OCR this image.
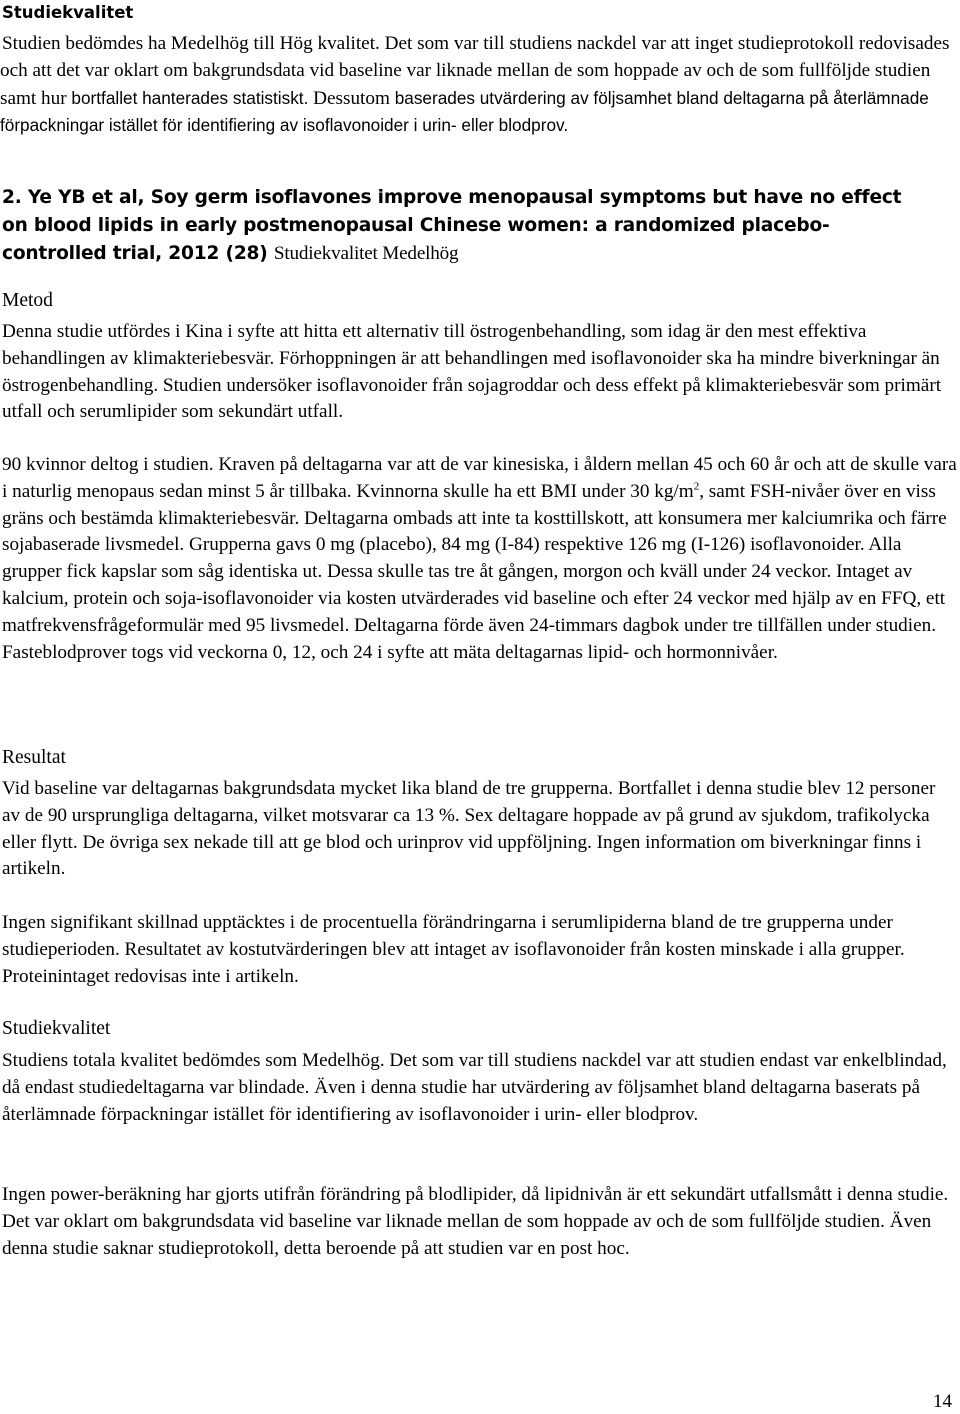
Studiekvalitet

Studien bedömdes ha Medelhög till Hög kvalitet. Det som var till studiens nackdel var att inget studieprotokoll redovisades och att det var oklart om bakgrundsdata vid baseline var liknade mellan de som hoppade av och de som fullföljde studien samt hur bortfallet hanterades statistiskt. Dessutom baserades utvärdering av följsamhet bland deltagarna på återlämnade förpackningar istället för identifiering av isoflavonoider i urin- eller blodprov.

2. Ye YB et al, Soy germ isoflavones improve menopausal symptoms but have no effect on blood lipids in early postmenopausal Chinese women: a randomized placebo-controlled trial, 2012 (28) Studiekvalitet Medelhög
Metod

Denna studie utfördes i Kina i syfte att hitta ett alternativ till östrogenbehandling, som idag är den mest effektiva behandlingen av klimakteriebesvär. Förhoppningen är att behandlingen med isoflavonoider ska ha mindre biverkningar än östrogenbehandling. Studien undersöker isoflavonoider från sojagroddar och dess effekt på klimakteriebesvär som primärt utfall och serumlipider som sekundärt utfall.

90 kvinnor deltog i studien. Kraven på deltagarna var att de var kinesiska, i åldern mellan 45 och 60 år och att de skulle vara i naturlig menopaus sedan minst 5 år tillbaka. Kvinnorna skulle ha ett BMI under 30 $kg/m^2$, samt FSH-nivåer över en viss gräns och bestämda klimakteriebesvär. Deltagarna ombads att inte ta kosttillskott, att konsumera mer kalciumrika och färre sojabaserade livsmedel. Grupperna gavs 0 mg (placebo), 84 mg (I-84) respektive 126 mg (I-126) isoflavonoider. Alla grupper fick kapslar som såg identiska ut. Dessa skulle tas tre åt gången, morgon och kväll under 24 veckor. Intaget av kalcium, protein och soja-isoflavonoider via kosten utvärderades vid baseline och efter 24 veckor med hjälp av en FFQ, ett matfrekvensfrågeformulär med 95 livsmedel. Deltagarna förde även 24-timmars dagbok under tre tillfällen under studien. Fasteblodprover togs vid veckorna 0, 12, och 24 i syfte att mäta deltagarnas lipid- och hormonnivåer.

Resultat

Vid baseline var deltagarnas bakgrundsdata mycket lika bland de tre grupperna. Bortfallet i denna studie blev 12 personer av de 90 ursprungliga deltagarna, vilket motsvarar ca 13 %. Sex deltagare hoppade av på grund av sjukdom, trafikolycka eller flytt. De övriga sex nekade till att ge blod och urinprov vid uppföljning. Ingen information om biverkningar finns i artikeln.

Ingen signifikant skillnad upptäcktes i de procentuella förändringarna i serumlipiderna bland de tre grupperna under studieperioden. Resultatet av kostutvärderingen blev att intaget av isoflavonoider från kosten minskade i alla grupper. Proteinintaget redovisas inte i artikeln.

Studiekvalitet

Studiens totala kvalitet bedömdes som Medelhög. Det som var till studiens nackdel var att studien endast var enkelblindad, då endast studiedeltagarna var blindade. Även i denna studie har utvärdering av följsamhet bland deltagarna baserats på återlämnade förpackningar istället för identifiering av isoflavonoider i urin- eller blodprov.

Ingen power-beräkning har gjorts utifrån förändring på blodlipider, då lipidnivån är ett sekundärt utfallsmått i denna studie. Det var oklart om bakgrundsdata vid baseline var liknade mellan de som hoppade av och de som fullföljde studien. Även denna studie saknar studieprotokoll, detta beroende på att studien var en post hoc.

14
